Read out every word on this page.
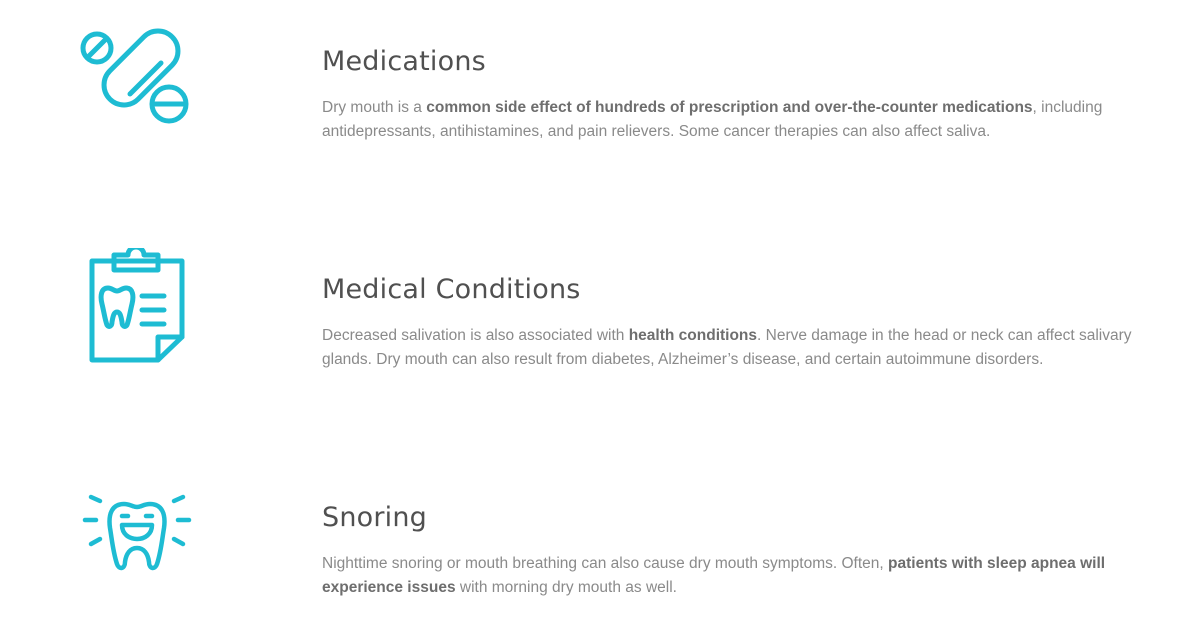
Medications

Dry mouth is a common side effect of hundreds of prescription and over-the-counter medications, including antidepressants, antihistamines, and pain relievers. Some cancer therapies can also affect saliva.

Medical Conditions

Decreased salivation is also associated with health conditions. Nerve damage in the head or neck can affect salivary glands. Dry mouth can also result from diabetes, Alzheimer’s disease, and certain autoimmune disorders.

Snoring

Nighttime snoring or mouth breathing can also cause dry mouth symptoms. Often, patients with sleep apnea will experience issues with morning dry mouth as well.
